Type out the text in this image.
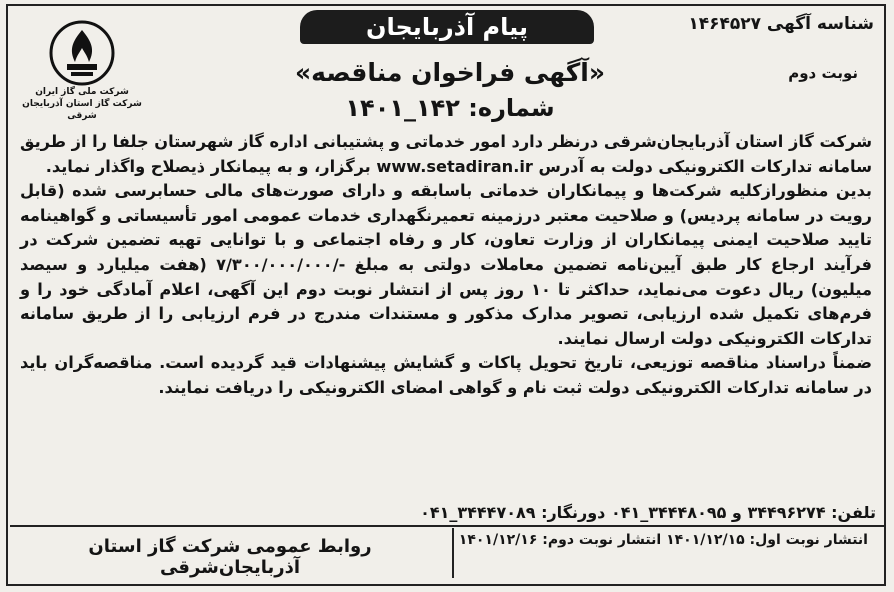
پیام آذربایجان	شناسه آگهی ۱۴۶۴۵۲۷
نوبت دوم
شرکت ملی گاز ایران
شرکت گاز استان آذربایجان شرقی
«آگهی فراخوان مناقصه»
شماره: ۱۴۲_۱۴۰۱

شرکت گاز استان آذربایجان‌شرقی در‌نظر دارد امور خدماتی و پشتیبانی اداره گاز شهرستان جلفا را از طریق سامانه تدارکات الکترونیکی دولت به آدرس www.setadiran.ir برگزار، و به پیمانکار ذیصلاح واگذار نماید.

بدین منظوراز‌کلیه شرکت‌ها و پیمانکاران خدماتی باسابقه و دارای صورت‌های مالی حسابرسی شده (قابل رویت در سامانه پردیس) و صلاحیت معتبر درزمینه تعمیرنگهداری خدمات عمومی امور تأسیساتی و گواهینامه تایید صلاحیت ایمنی پیمانکاران از وزارت تعاون، کار و رفاه اجتماعی و با توانایی تهیه تضمین شرکت در فرآیند ارجاع کار طبق آیین‌نامه تضمین معاملات دولتی به مبلغ -/۷/۳۰۰/۰۰۰/۰۰۰ (هفت میلیارد و سیصد میلیون) ریال دعوت می‌نماید، حداکثر تا ۱۰ روز پس از انتشار نوبت دوم این آگهی، اعلام آمادگی خود را و فرم‌های تکمیل شده ارزیابی، تصویر مدارک مذکور و مستندات مندرج در فرم ارزیابی را از طریق سامانه تدارکات الکترونیکی دولت ارسال نمایند.

ضمناً دراسناد مناقصه توزیعی، تاریخ تحویل پاکات و گشایش پیشنهادات قید گردیده است. مناقصه‌گران باید در سامانه تدارکات الکترونیکی دولت ثبت نام و گواهی امضای الکترونیکی را دریافت نمایند.

تلفن: ۳۴۴۹۶۲۷۴ و ۳۴۴۴۸۰۹۵_۰۴۱ دورنگار: ۳۴۴۴۷۰۸۹_۰۴۱
انتشار نوبت اول: ۱۴۰۱/۱۲/۱۵ انتشار نوبت دوم: ۱۴۰۱/۱۲/۱۶
روابط عمومی شرکت گاز استان آذربایجان‌شرقی
